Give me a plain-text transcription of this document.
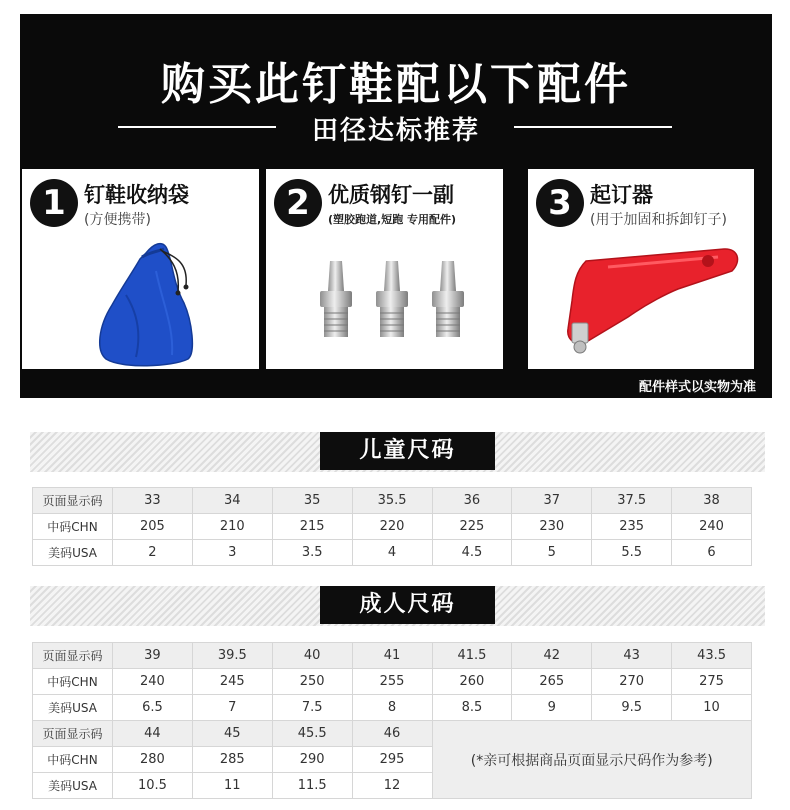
购买此钉鞋配以下配件
田径达标推荐
1 钉鞋收纳袋
(方便携带)	2 优质钢钉一副
(塑胶跑道,短跑 专用配件)	3 起订器
(用于加固和拆卸钉子)
配件样式以实物为准
儿童尺码
页面显示码	33	34	35	35.5	36	37	37.5	38
中码CHN	205	210	215	220	225	230	235	240
美码USA	2	3	3.5	4	4.5	5	5.5	6
成人尺码
页面显示码	39	39.5	40	41	41.5	42	43	43.5
中码CHN	240	245	250	255	260	265	270	275
美码USA	6.5	7	7.5	8	8.5	9	9.5	10
页面显示码	44	45	45.5	46	(*亲可根据商品页面显示尺码作为参考)			
中码CHN	280	285	290	295				
美码USA	10.5	11	11.5	12				
